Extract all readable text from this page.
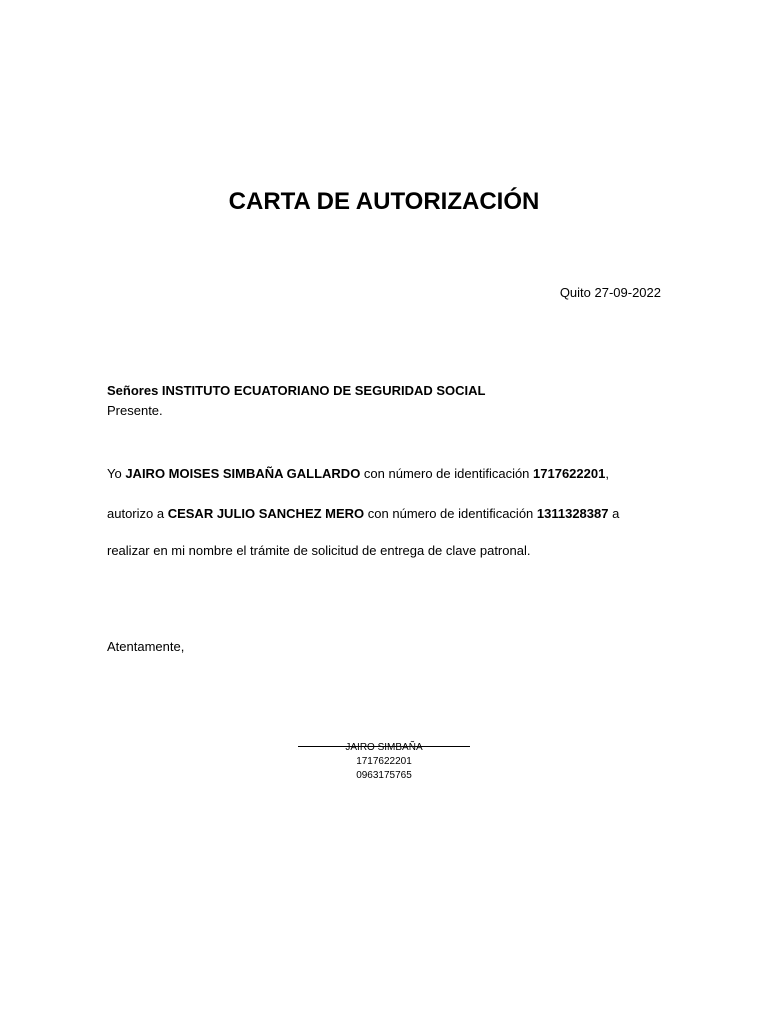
CARTA DE AUTORIZACIÓN
Quito 27-09-2022
Señores INSTITUTO ECUATORIANO DE SEGURIDAD SOCIAL
Presente.
Yo JAIRO MOISES SIMBAÑA GALLARDO con número de identificación 1717622201,
autorizo a CESAR JULIO SANCHEZ MERO con número de identificación 1311328387 a
realizar en mi nombre el trámite de solicitud de entrega de clave patronal.
Atentamente,
JAIRO SIMBAÑA
1717622201
0963175765
